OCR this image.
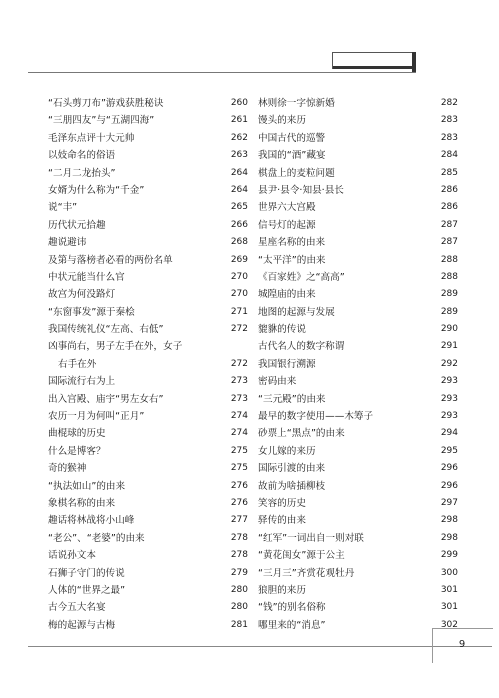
“石头剪刀布”游戏获胜秘诀	260
“三朋四友”与“五湖四海”	261
毛泽东点评十大元帅	262
以妓命名的俗语	263
“二月二龙抬头”	264
女婿为什么称为“千金”	264
说“丰”	265
历代状元拾趣	266
趣说避讳	268
及第与落榜者必看的两份名单	269
中状元能当什么官	270
故宫为何没路灯	270
“东窗事发”源于秦桧	271
我国传统礼仪“左高、右低”	272
凶事尚右，男子左手在外，女子
右手在外	272
国际流行右为上	273
出入宫殿、庙宇“男左女右”	273
农历一月为何叫“正月”	274
曲棍球的历史	274
什么是博客？	275
奇的猴神	275
“执法如山”的由来	276
象棋名称的由来	276
趣话将林战将小山峰	277
“老公”、“老婆”的由来	278
话说孙文本	278
石狮子守门的传说	279
人体的“世界之最”	280
古今五大名宴	280
梅的起源与古梅	281
林则徐一字惊新婚	282
馒头的来历	283
中国古代的巡警	283
我国的“酒”藏宴	284
棋盘上的麦粒问题	285
县尹·县令·知县·县长	286
世界六大宫殿	286
信号灯的起源	287
星座名称的由来	287
“太平洋”的由来	288
《百家姓》之“高高”	288
城隍庙的由来	289
地图的起源与发展	289
貔貅的传说	290
古代名人的数字称谓	291
我国银行溯源	292
密码由来	293
“三元殿”的由来	293
最早的数字使用——木筹子	293
砂票上“黑点”的由来	294
女儿嫁的来历	295
国际引渡的由来	296
故前为啥插柳枝	296
笑容的历史	297
驿传的由来	298
“红军”一词出自一则对联	298
“黄花闺女”源于公主	299
“三月三”齐赏花观牡丹	300
狼胆的来历	301
“钱”的别名俗称	301
哪里来的“消息”	302
9
